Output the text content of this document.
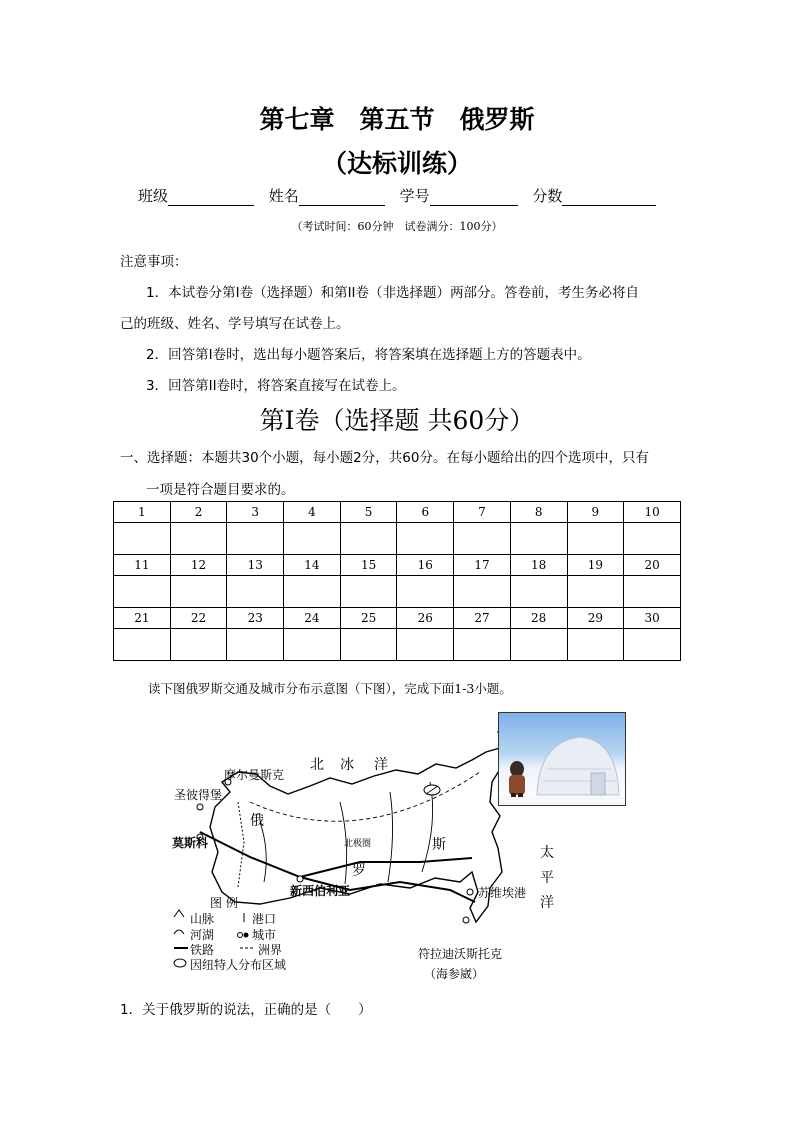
第七章　第五节　俄罗斯
（达标训练）
班级	姓名	学号	分数
（考试时间：60分钟　试卷满分：100分）
注意事项：
1．本试卷分第Ⅰ卷（选择题）和第II卷（非选择题）两部分。答卷前，考生务必将自
己的班级、姓名、学号填写在试卷上。
2．回答第Ⅰ卷时，选出每小题答案后，将答案填在选择题上方的答题表中。
3．回答第II卷时，将答案直接写在试卷上。
第Ⅰ卷（选择题 共60分）
一、选择题：本题共30个小题，每小题2分，共60分。在每小题给出的四个选项中，只有
一项是符合题目要求的。
1	2	3	4	5	6	7	8	9	10

11	12	13	14	15	16	17	18	19	20

21	22	23	24	25	26	27	28	29	30

读下图俄罗斯交通及城市分布示意图（下图），完成下面1-3小题。
摩尔曼斯克
圣彼得堡
莫斯科
俄
罗
斯
北 冰 洋
北极圈
新西伯利亚	苏维埃港
符拉迪沃斯托克
（海参崴）
太
平
洋
图 例
山脉	港口
河湖	城市
铁路	洲界
因纽特人分布区域
1．关于俄罗斯的说法，正确的是（　　）
